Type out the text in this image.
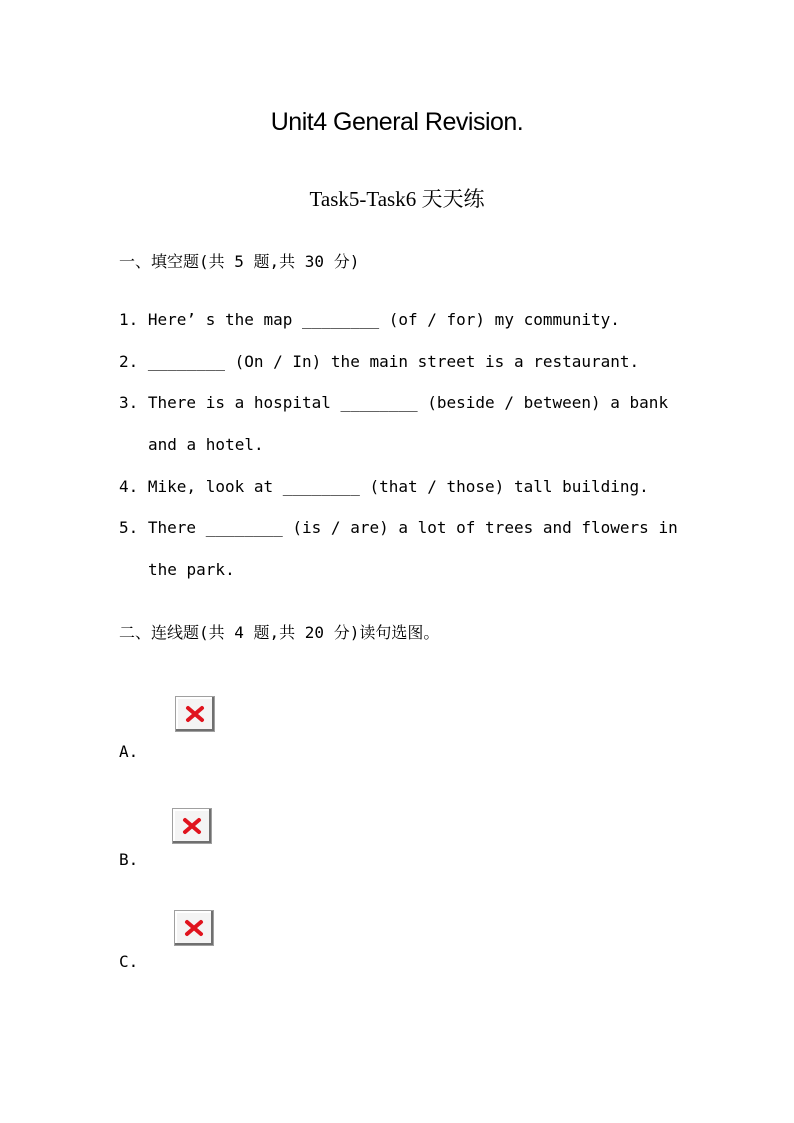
Unit4 General Revision.
Task5-Task6 天天练
一、填空题(共 5 题,共 30 分)
1. Here’ s the map ________ (of / for) my community.
2. ________ (On / In) the main street is a restaurant.
3. There is a hospital ________ (beside / between) a bank
and a hotel.
4. Mike, look at ________ (that / those) tall building.
5. There ________ (is / are) a lot of trees and flowers in
the park.
二、连线题(共 4 题,共 20 分)读句选图。
A.
B.
C.
